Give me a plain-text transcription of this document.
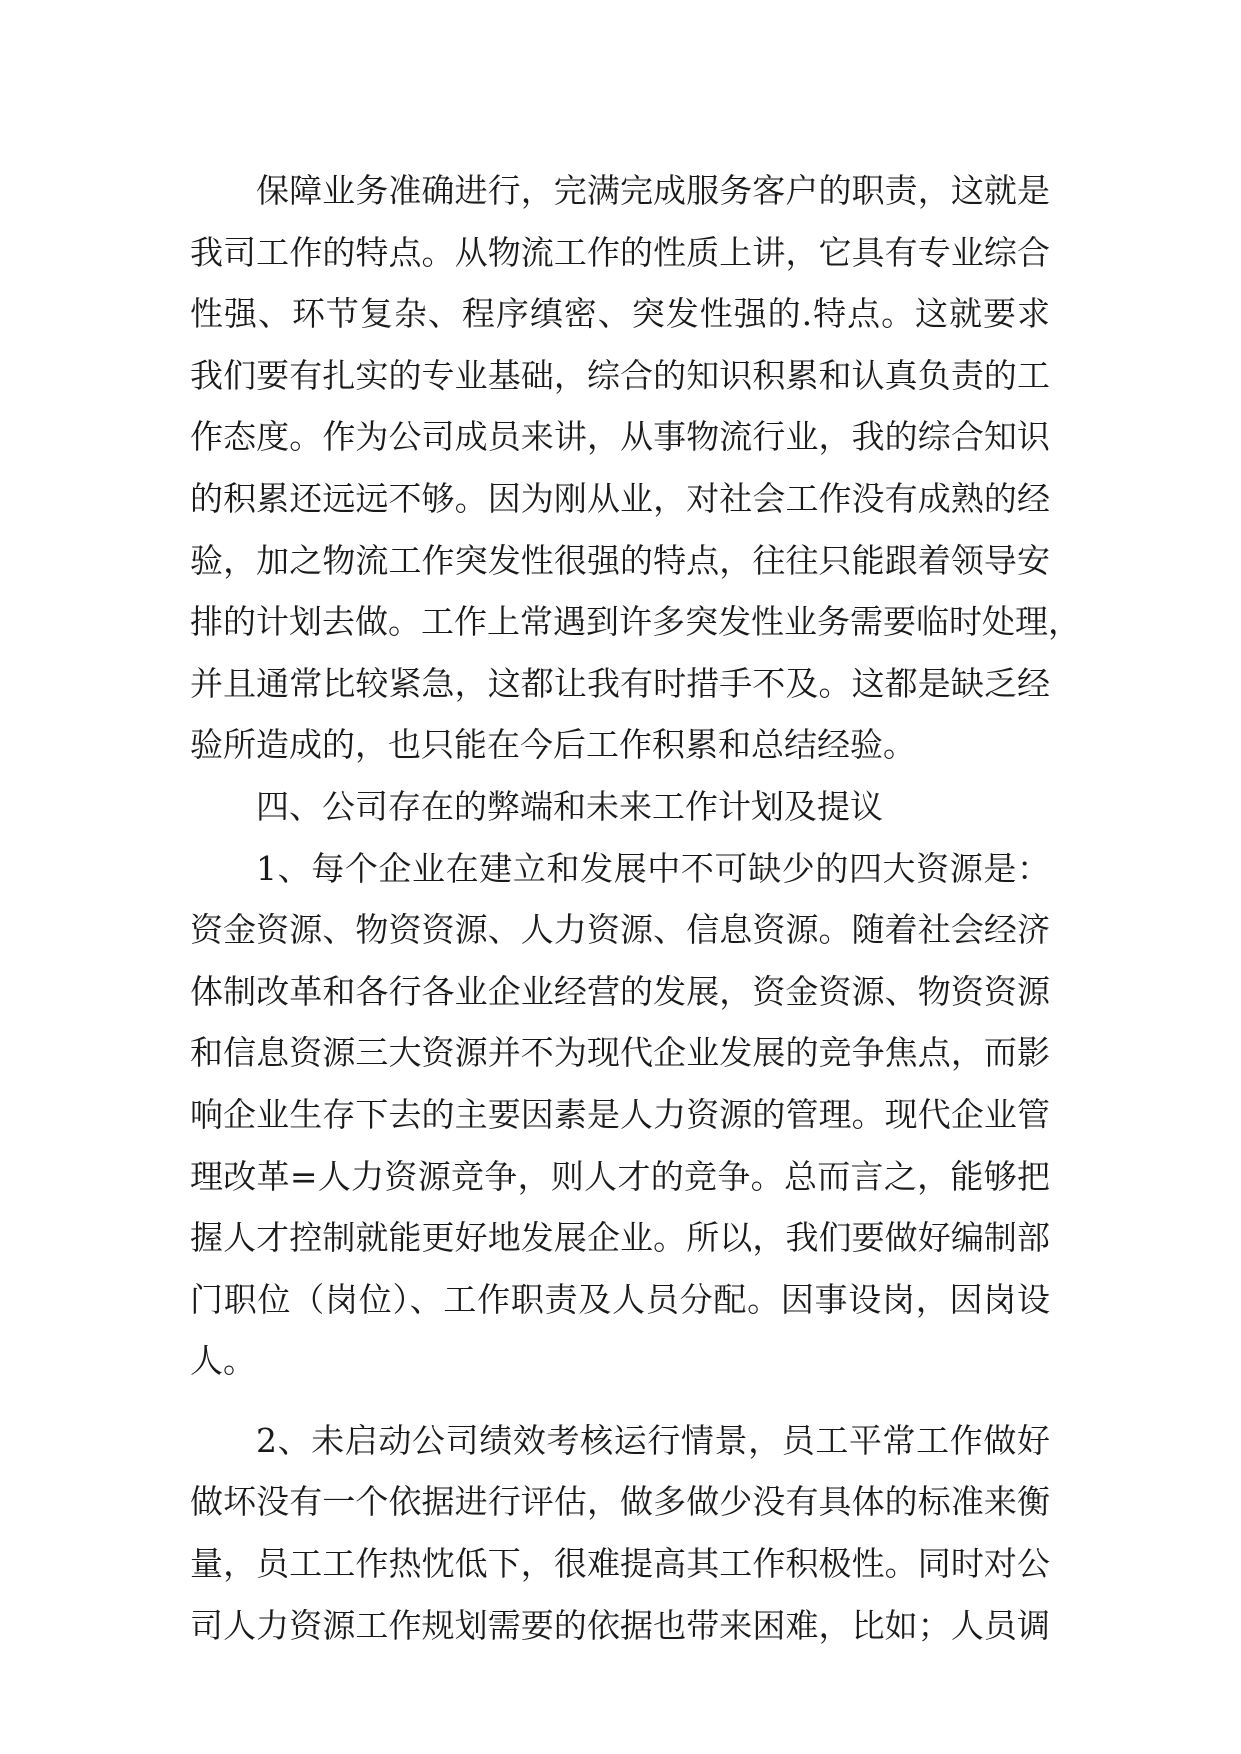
保障业务准确进行，完满完成服务客户的职责，这就是
我司工作的特点。从物流工作的性质上讲，它具有专业综合
性强、环节复杂、程序缜密、突发性强的.特点。这就要求
我们要有扎实的专业基础，综合的知识积累和认真负责的工
作态度。作为公司成员来讲，从事物流行业，我的综合知识
的积累还远远不够。因为刚从业，对社会工作没有成熟的经
验，加之物流工作突发性很强的特点，往往只能跟着领导安
排的计划去做。工作上常遇到许多突发性业务需要临时处理，
并且通常比较紧急，这都让我有时措手不及。这都是缺乏经
验所造成的，也只能在今后工作积累和总结经验。
四、公司存在的弊端和未来工作计划及提议
1、每个企业在建立和发展中不可缺少的四大资源是：
资金资源、物资资源、人力资源、信息资源。随着社会经济
体制改革和各行各业企业经营的发展，资金资源、物资资源
和信息资源三大资源并不为现代企业发展的竞争焦点，而影
响企业生存下去的主要因素是人力资源的管理。现代企业管
理改革=人力资源竞争，则人才的竞争。总而言之，能够把
握人才控制就能更好地发展企业。所以，我们要做好编制部
门职位（岗位）、工作职责及人员分配。因事设岗，因岗设
人。
2、未启动公司绩效考核运行情景，员工平常工作做好
做坏没有一个依据进行评估，做多做少没有具体的标准来衡
量，员工工作热忱低下，很难提高其工作积极性。同时对公
司人力资源工作规划需要的依据也带来困难，比如；人员调
